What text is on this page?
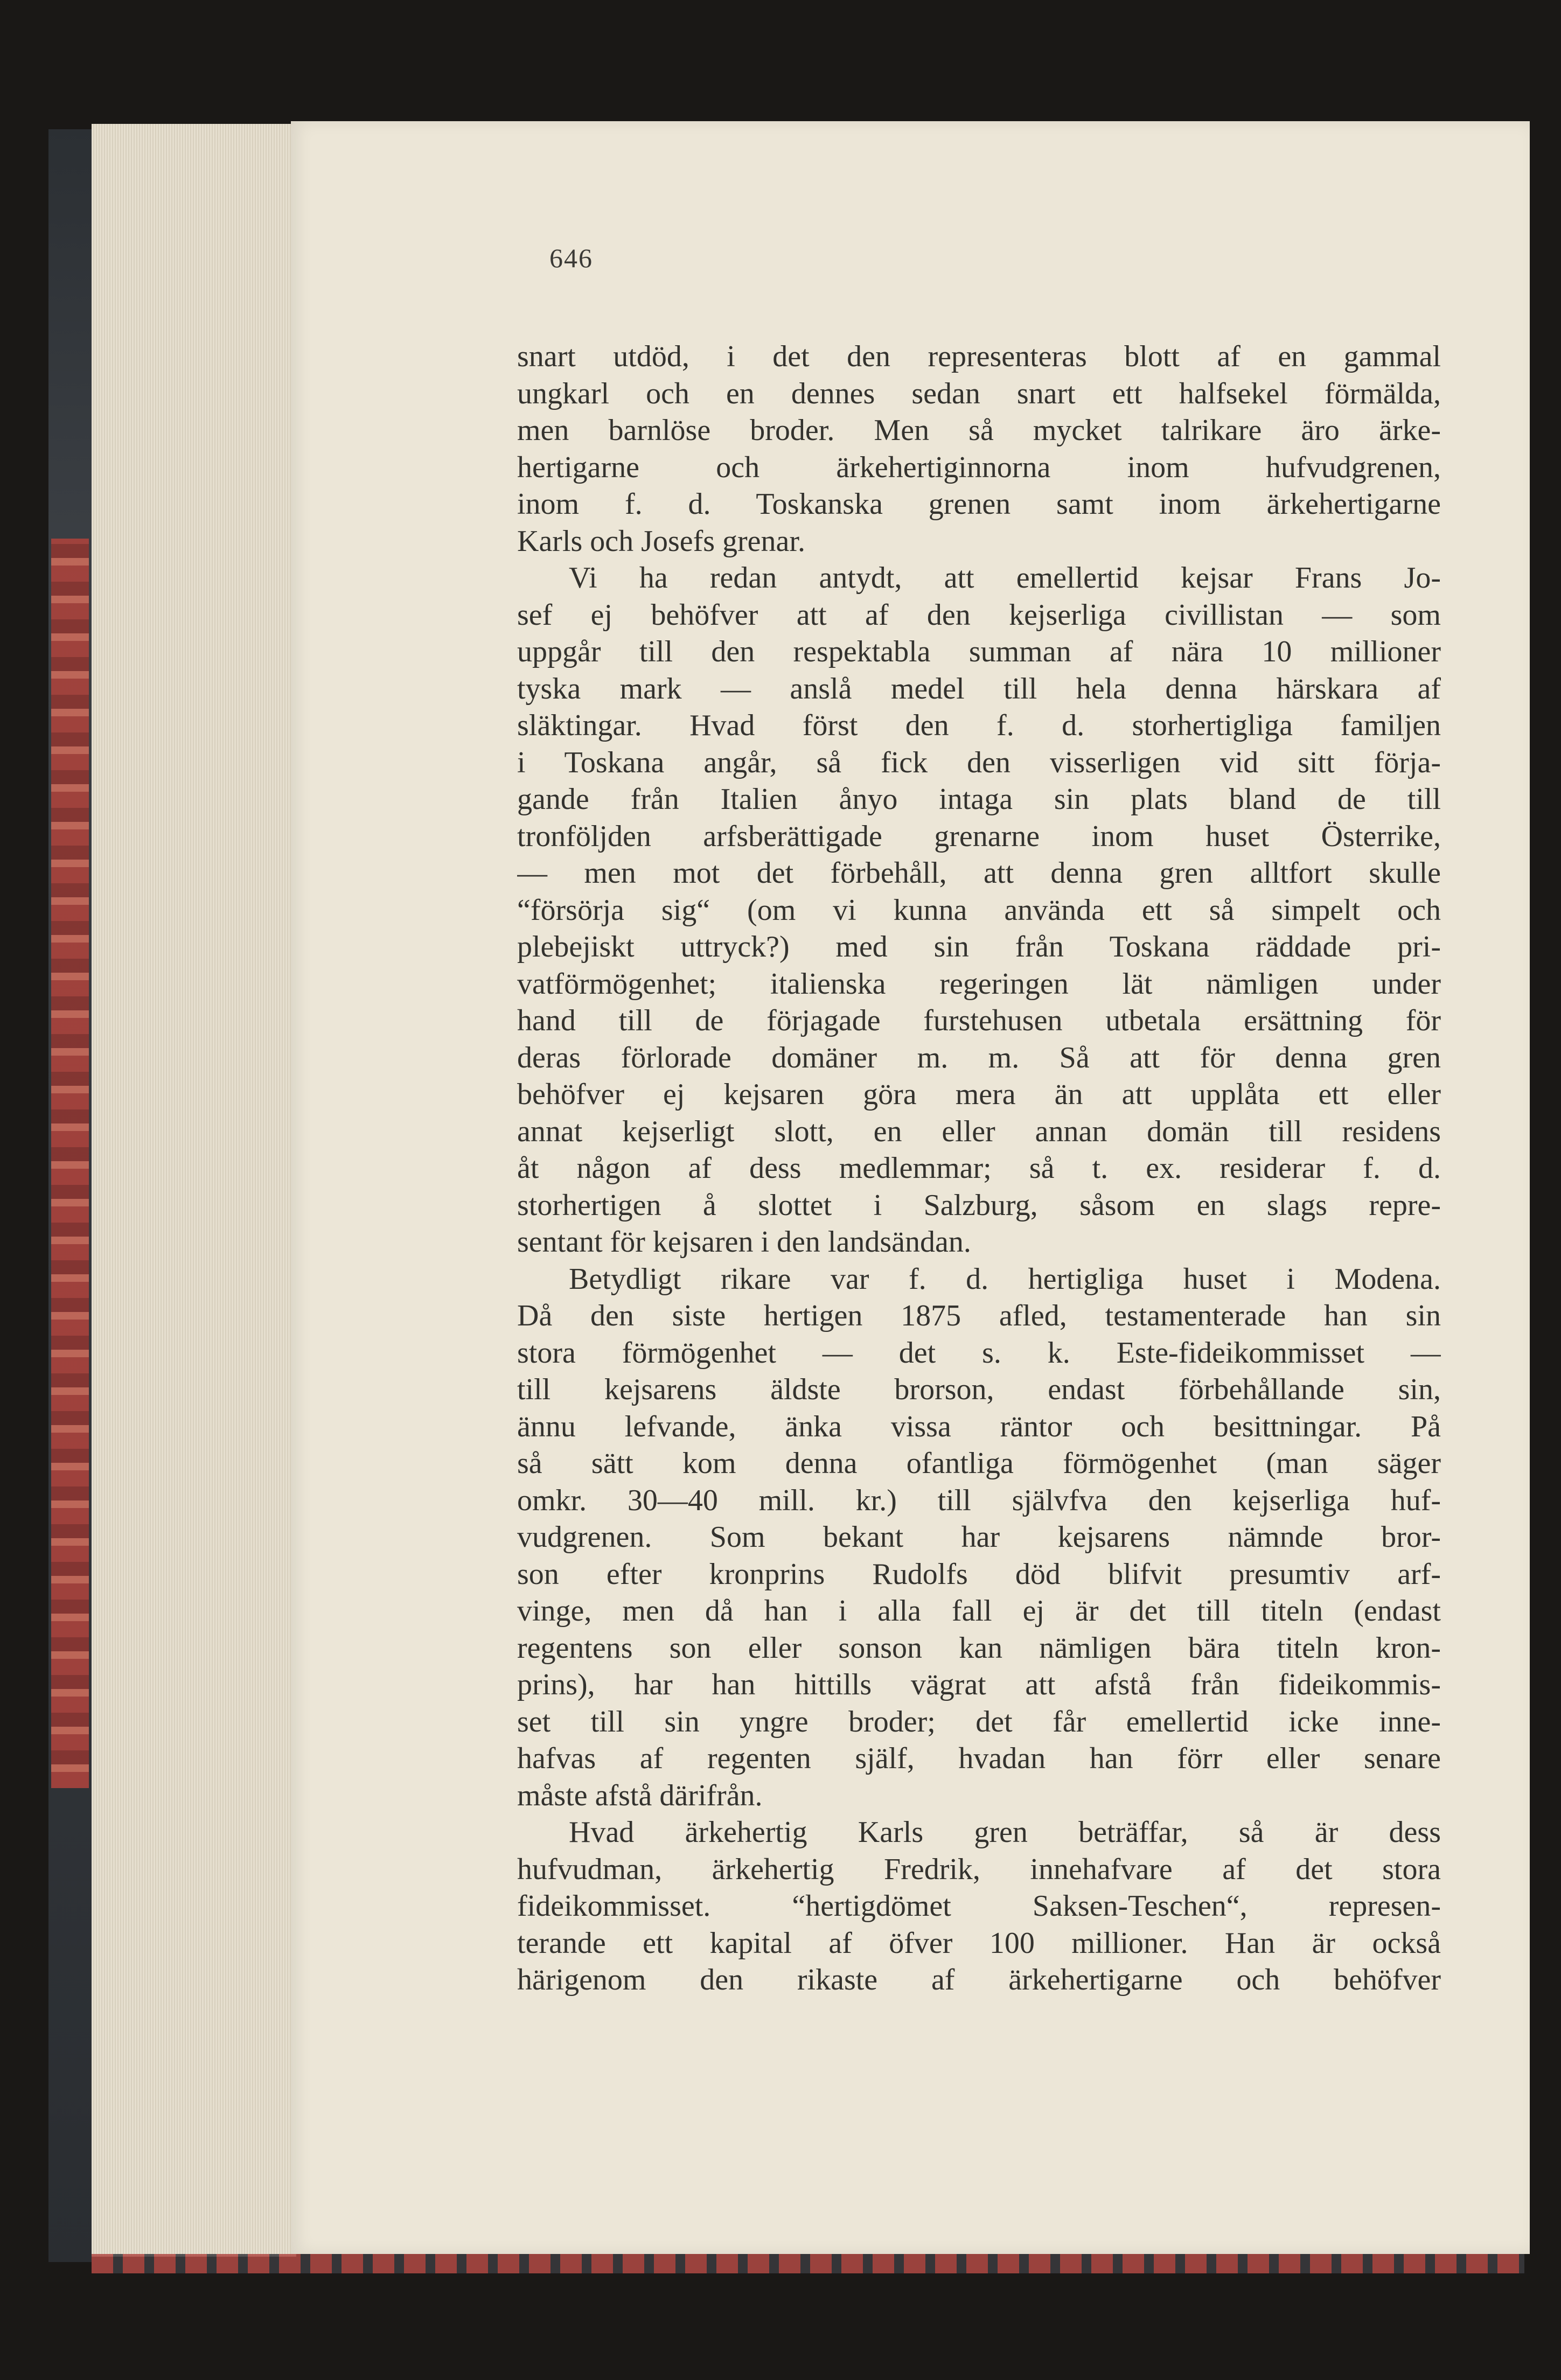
646
snart utdöd, i det den representeras blott af en gammal
ungkarl och en dennes sedan snart ett halfsekel förmälda,
men barnlöse broder. Men så mycket talrikare äro ärke-
hertigarne och ärkehertiginnorna inom hufvudgrenen,
inom f. d. Toskanska grenen samt inom ärkehertigarne
Karls och Josefs grenar.
Vi ha redan antydt, att emellertid kejsar Frans Jo-
sef ej behöfver att af den kejserliga civillistan — som
uppgår till den respektabla summan af nära 10 millioner
tyska mark — anslå medel till hela denna härskara af
släktingar. Hvad först den f. d. storhertigliga familjen
i Toskana angår, så fick den visserligen vid sitt förja-
gande från Italien ånyo intaga sin plats bland de till
tronföljden arfsberättigade grenarne inom huset Österrike,
— men mot det förbehåll, att denna gren alltfort skulle
“försörja sig“ (om vi kunna använda ett så simpelt och
plebejiskt uttryck?) med sin från Toskana räddade pri-
vatförmögenhet; italienska regeringen lät nämligen under
hand till de förjagade furstehusen utbetala ersättning för
deras förlorade domäner m. m. Så att för denna gren
behöfver ej kejsaren göra mera än att upplåta ett eller
annat kejserligt slott, en eller annan domän till residens
åt någon af dess medlemmar; så t. ex. residerar f. d.
storhertigen å slottet i Salzburg, såsom en slags repre-
sentant för kejsaren i den landsändan.
Betydligt rikare var f. d. hertigliga huset i Modena.
Då den siste hertigen 1875 afled, testamenterade han sin
stora förmögenhet — det s. k. Este-fideikommisset —
till kejsarens äldste brorson, endast förbehållande sin,
ännu lefvande, änka vissa räntor och besittningar. På
så sätt kom denna ofantliga förmögenhet (man säger
omkr. 30—40 mill. kr.) till självfva den kejserliga huf-
vudgrenen. Som bekant har kejsarens nämnde bror-
son efter kronprins Rudolfs död blifvit presumtiv arf-
vinge, men då han i alla fall ej är det till titeln (endast
regentens son eller sonson kan nämligen bära titeln kron-
prins), har han hittills vägrat att afstå från fideikommis-
set till sin yngre broder; det får emellertid icke inne-
hafvas af regenten själf, hvadan han förr eller senare
måste afstå därifrån.
Hvad ärkehertig Karls gren beträffar, så är dess
hufvudman, ärkehertig Fredrik, innehafvare af det stora
fideikommisset. “hertigdömet Saksen-Teschen“, represen-
terande ett kapital af öfver 100 millioner. Han är också
härigenom den rikaste af ärkehertigarne och behöfver
